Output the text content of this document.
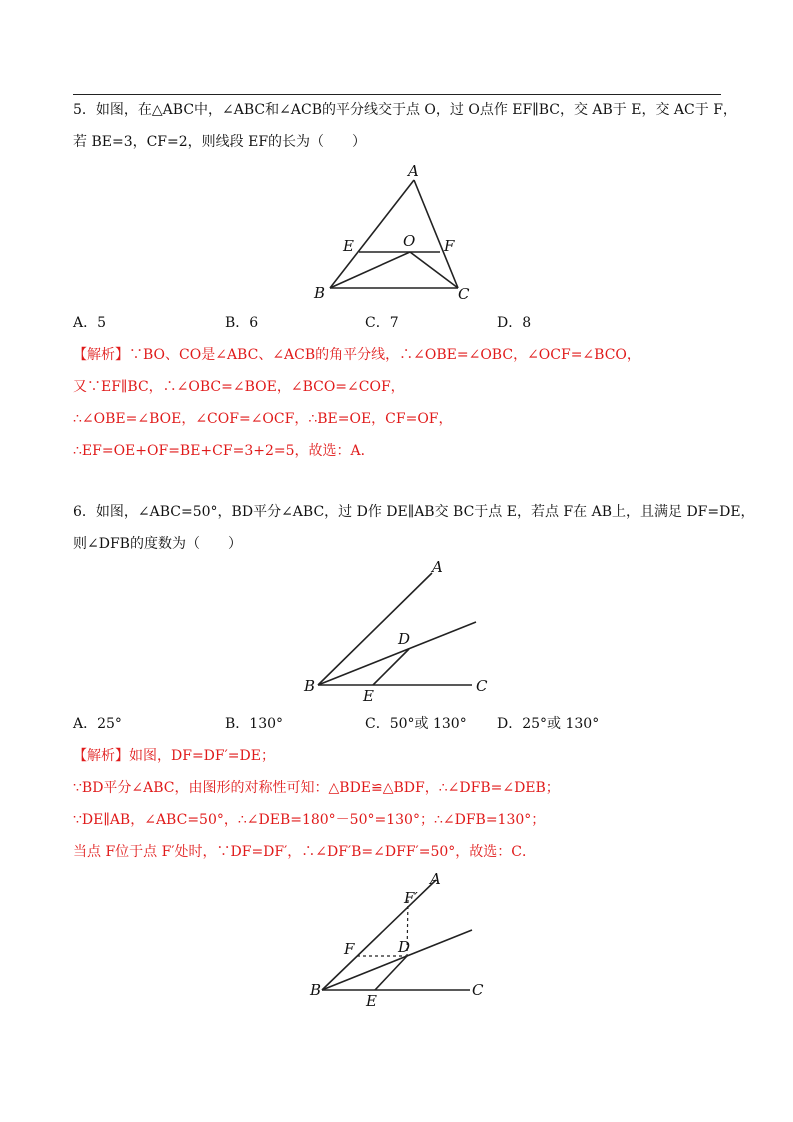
5．如图，在△ABC中，∠ABC和∠ACB的平分线交于点 O，过 O点作 EF∥BC，交 AB于 E，交 AC于 F，
若 BE=3，CF=2，则线段 EF的长为（　　）
A
E	O F
B	C
A．5	B．6	C．7	D．8
【解析】∵BO、CO是∠ABC、∠ACB的角平分线，∴∠OBE=∠OBC，∠OCF=∠BCO，
又∵EF∥BC，∴∠OBC=∠BOE，∠BCO=∠COF，
∴∠OBE=∠BOE，∠COF=∠OCF，∴BE=OE，CF=OF，
∴EF=OE+OF=BE+CF=3+2=5，故选：A．
6．如图，∠ABC=50°，BD平分∠ABC，过 D作 DE∥AB交 BC于点 E，若点 F在 AB上，且满足 DF=DE，
则∠DFB的度数为（　　）
A
D
B
E
C
A．25°	B．130°	C．50°或 130° D．25°或 130°
【解析】如图，DF=DF′=DE；
∵BD平分∠ABC，由图形的对称性可知：△BDE≌△BDF，∴∠DFB=∠DEB；
∵DE∥AB，∠ABC=50°，∴∠DEB=180°－50°=130°；∴∠DFB=130°；
当点 F位于点 F′处时，∵DF=DF′，∴∠DF′B=∠DFF′=50°，故选：C．
A
F′
F	D
B
E
C
